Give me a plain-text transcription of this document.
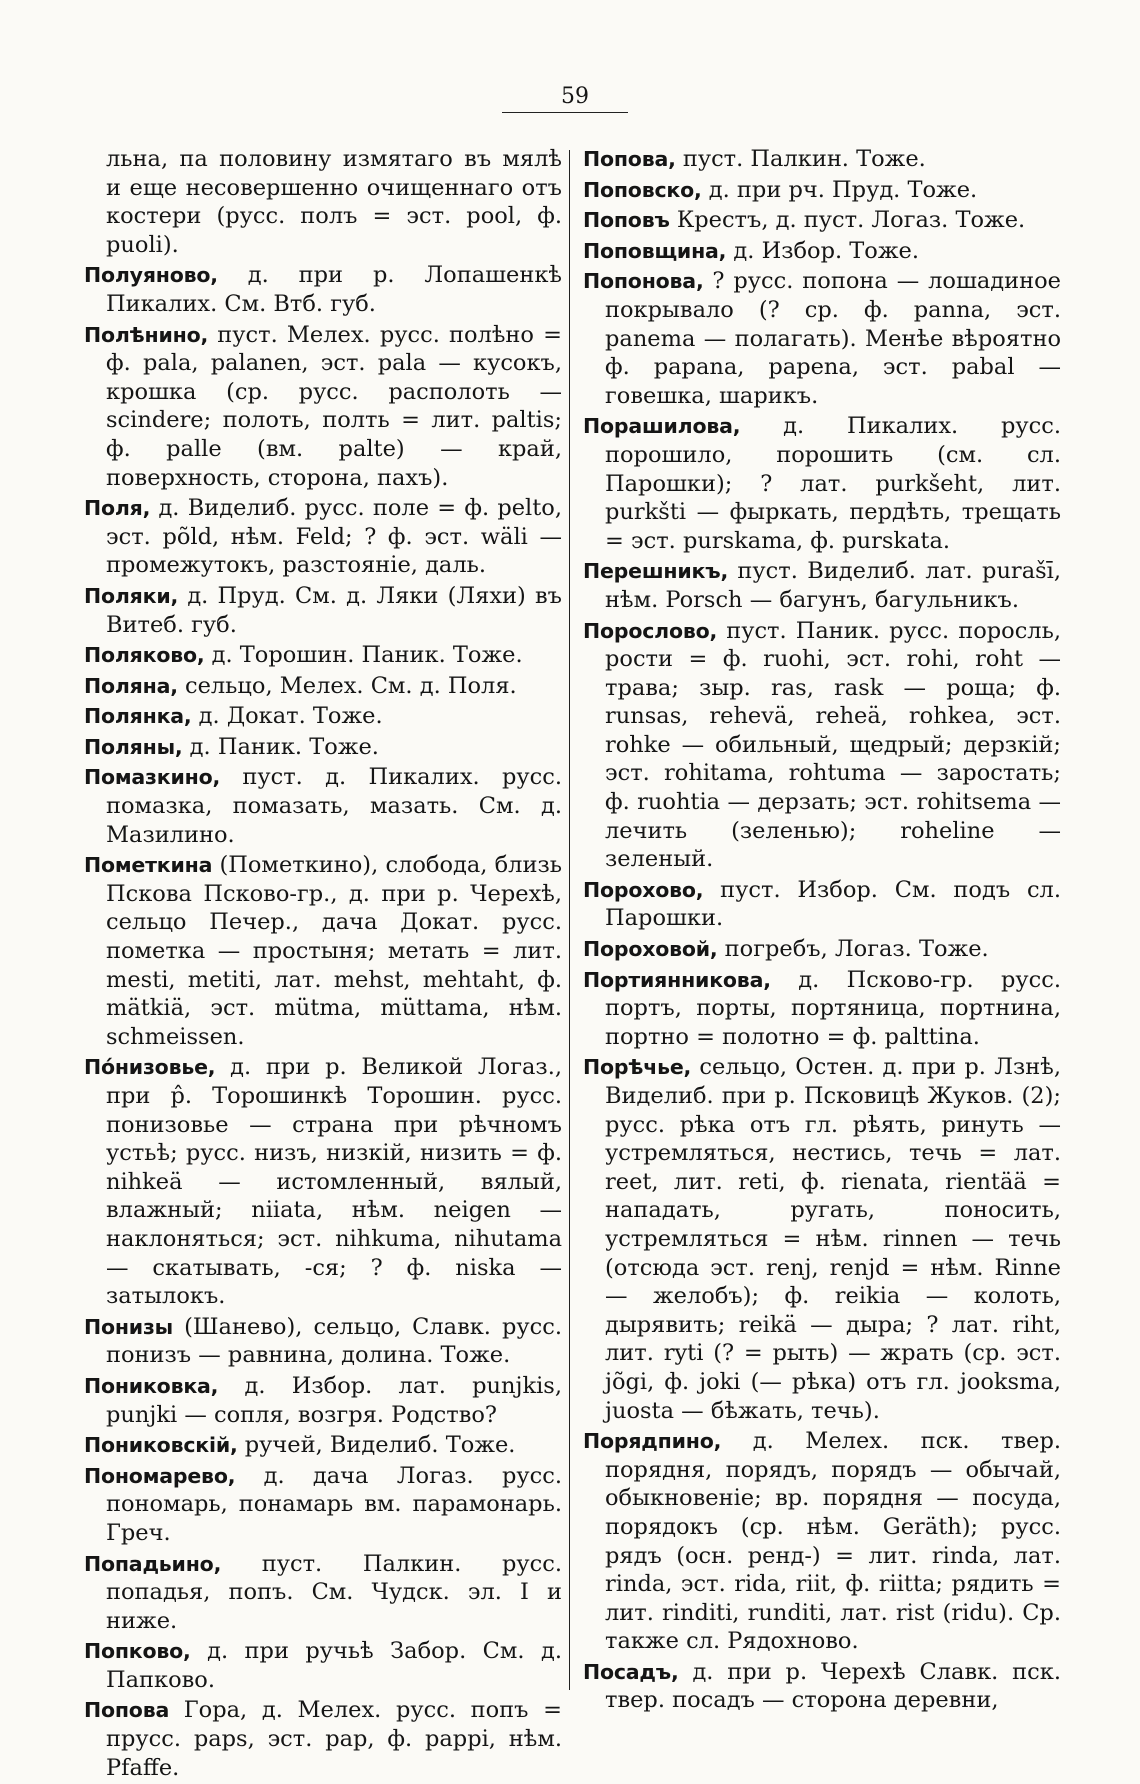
59

льна, па половину измятаго въ мялѣ и еще несовершенно очищеннаго отъ костери (русс. полъ = эст. pool, ф. puoli).

Полуяново, д. при р. Лопашенкѣ Пикалих. См. Втб. губ.

Полѣнино, пуст. Мелех. русс. полѣно = ф. pala, palanen, эст. pala — кусокъ, крошка (ср. русс. располоть — scindere; полоть, полть = лит. paltis; ф. palle (вм. palte) — край, поверхность, сторона, пахъ).

Поля, д. Виделиб. русс. поле = ф. pelto, эст. põld, нѣм. Feld; ? ф. эст. wäli — промежутокъ, разстояніе, даль.

Поляки, д. Пруд. См. д. Ляки (Ляхи) въ Витеб. губ.

Поляково, д. Торошин. Паник. Тоже.

Поляна, сельцо, Мелех. См. д. Поля.

Полянка, д. Докат. Тоже.

Поляны, д. Паник. Тоже.

Помазкино, пуст. д. Пикалих. русс. помазка, помазать, мазать. См. д. Мазилино.

Пометкина (Пометкино), слобода, близь Пскова Псково-гр., д. при р. Черехѣ, сельцо Печер., дача Докат. русс. пометка — простыня; метать = лит. mesti, metiti, лат. mehst, mehtaht, ф. mätkiä, эст. mütma, müttama, нѣм. schmeissen.

По́низовье, д. при р. Великой Логаз., при р̂. Торошинкѣ Торошин. русс. понизовье — страна при рѣчномъ устьѣ; русс. низъ, низкій, низить = ф. nihkeä — истомленный, вялый, влажный; niiata, нѣм. neigen — наклоняться; эст. nihkuma, nihutama — скатывать, -ся; ? ф. niska — затылокъ.

Понизы (Шанево), сельцо, Славк. русс. понизъ — равнина, долина. Тоже.

Пониковка, д. Избор. лат. punjkis, punjki — сопля, возгря. Родство?

Пониковскій, ручей, Виделиб. Тоже.

Пономарево, д. дача Логаз. русс. пономарь, понамарь вм. парамонарь. Греч.

Попадьино, пуст. Палкин. русс. попадья, попъ. См. Чудск. эл. I и ниже.

Попково, д. при ручьѣ Забор. См. д. Папково.

Попова Гора, д. Мелех. русс. попъ = прусс. paps, эст. pap, ф. pappi, нѣм. Pfaffe.

Попова, пуст. Палкин. Тоже.

Поповско, д. при рч. Пруд. Тоже.

Поповъ Крестъ, д. пуст. Логаз. Тоже.

Поповщина, д. Избор. Тоже.

Попонова, ? русс. попона — лошадиное покрывало (? ср. ф. panna, эст. panema — полагать). Менѣе вѣроятно ф. papana, papena, эст. pabal — говешка, шарикъ.

Порашилова, д. Пикалих. русс. порошило, порошить (см. сл. Парошки); ? лат. purkšeht, лит. purkšti — фыркать, пердѣть, трещать = эст. purskama, ф. purskata.

Перешникъ, пуст. Виделиб. лат. purašī, нѣм. Porsch — багунъ, багульникъ.

Порослово, пуст. Паник. русс. поросль, рости = ф. ruohi, эст. rohi, roht — трава; зыр. ras, rask — роща; ф. runsas, rehevä, reheä, rohkea, эст. rohke — обильный, щедрый; дерзкій; эст. rohitama, rohtuma — заростать; ф. ruohtia — дерзать; эст. rohitsema — лечить (зеленью); roheline — зеленый.

Порохово, пуст. Избор. См. подъ сл. Парошки.

Пороховой, погребъ, Логаз. Тоже.

Портиянникова, д. Псково-гр. русс. портъ, порты, портяница, портнина, портно = полотно = ф. palttina.

Порѣчье, сельцо, Остен. д. при р. Лзнѣ, Виделиб. при р. Псковицѣ Жуков. (2); русс. рѣка отъ гл. рѣять, ринуть — устремляться, нестись, течь = лат. reet, лит. reti, ф. rienata, rientää = нападать, ругать, поносить, устремляться = нѣм. rinnen — течь (отсюда эст. renj, renjd = нѣм. Rinne — желобъ); ф. reikia — колоть, дырявить; reikä — дыра; ? лат. riht, лит. ryti (? = рыть) — жрать (ср. эст. jõgi, ф. joki (— рѣка) отъ гл. jooksma, juosta — бѣжать, течь).

Порядпино, д. Мелех. пск. твер. порядня, порядъ, порядъ — обычай, обыкновеніе; вр. порядня — посуда, порядокъ (ср. нѣм. Geräth); русс. рядъ (осн. ренд-) = лит. rinda, лат. rinda, эст. rida, riit, ф. riitta; рядить = лит. rinditi, runditi, лат. rist (ridu). Ср. также сл. Рядохново.

Посадъ, д. при р. Черехѣ Славк. пск. твер. посадъ — сторона деревни,
